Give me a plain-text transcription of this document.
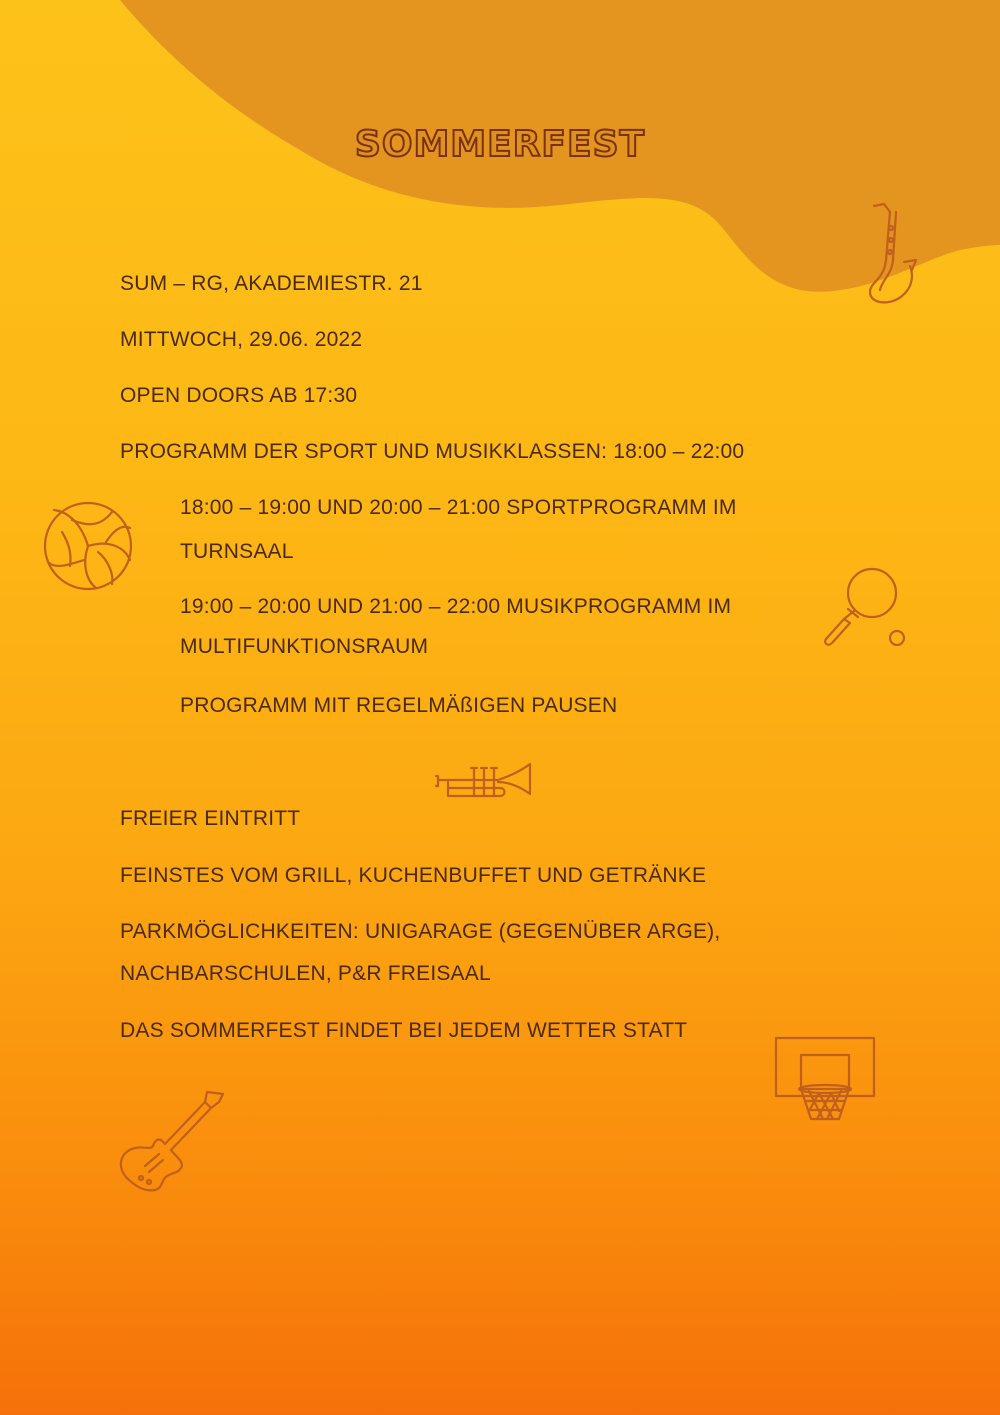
SOMMERFEST
SUM – RG, AKADEMIESTR. 21
MITTWOCH, 29.06. 2022
OPEN DOORS AB 17:30
PROGRAMM DER SPORT UND MUSIKKLASSEN: 18:00 – 22:00
18:00 – 19:00 UND 20:00 – 21:00 SPORTPROGRAMM IM
TURNSAAL
19:00 – 20:00 UND 21:00 – 22:00 MUSIKPROGRAMM IM
MULTIFUNKTIONSRAUM
PROGRAMM MIT REGELMÄßIGEN PAUSEN
FREIER EINTRITT
FEINSTES VOM GRILL, KUCHENBUFFET UND GETRÄNKE
PARKMÖGLICHKEITEN: UNIGARAGE (GEGENÜBER ARGE),
NACHBARSCHULEN, P&R FREISAAL
DAS SOMMERFEST FINDET BEI JEDEM WETTER STATT
